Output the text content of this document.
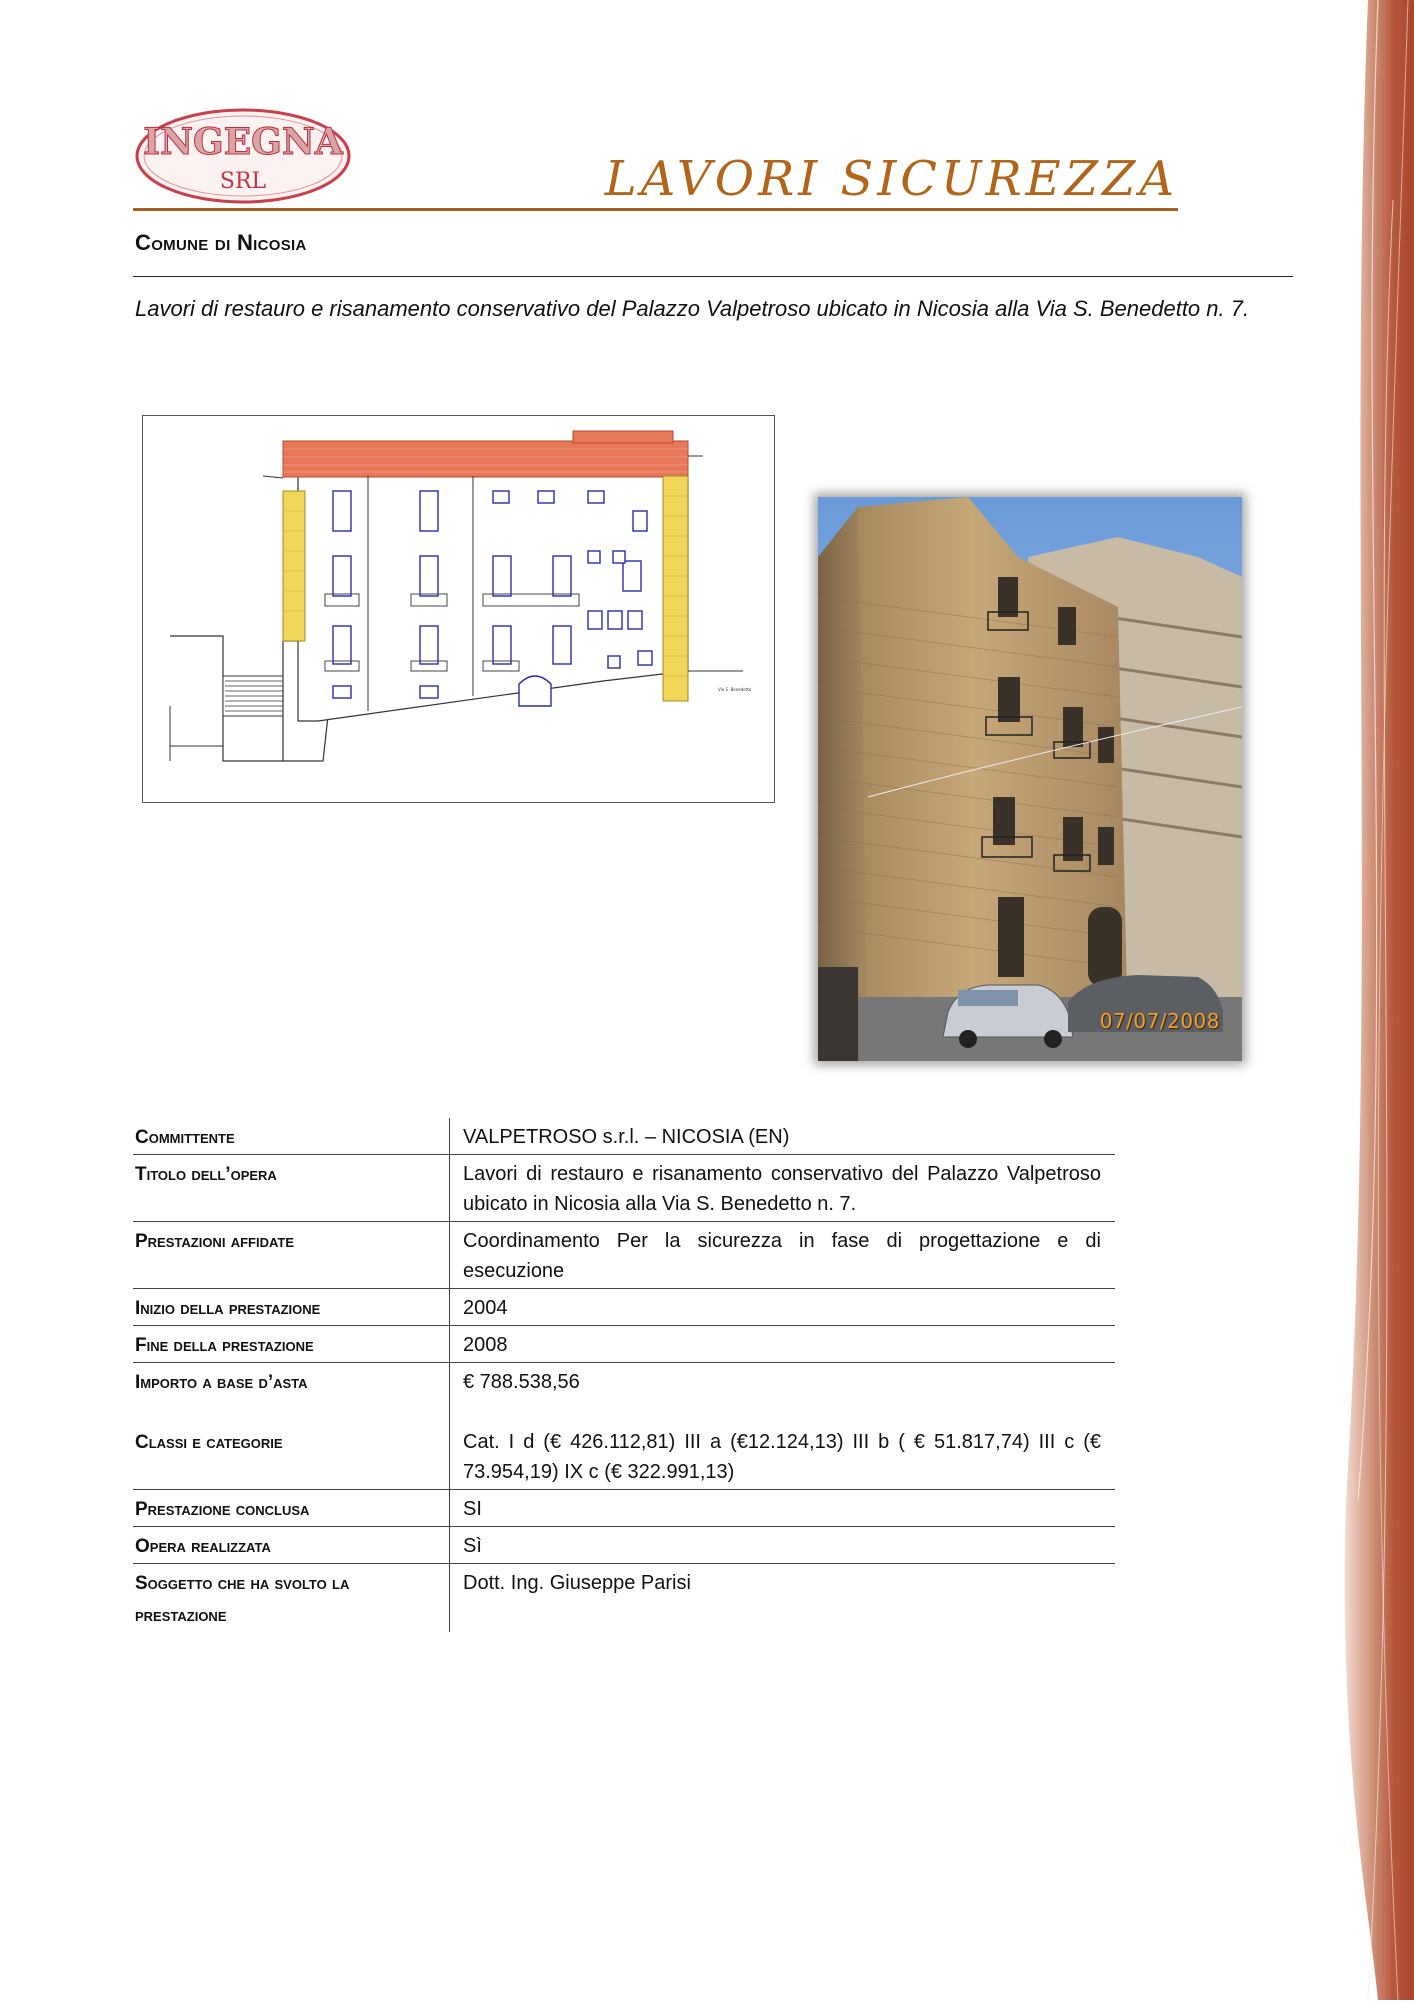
INGEGNA
SRL	LAVORI SICUREZZA
Comune di Nicosia
Lavori di restauro e risanamento conservativo del Palazzo Valpetroso ubicato in Nicosia alla Via S. Benedetto n. 7.
Via S. Benedetto
07/07/2008
Committente	VALPETROSO s.r.l. – NICOSIA (EN)
Titolo dell’opera	Lavori di restauro e risanamento conservativo del Palazzo Valpetroso ubicato in Nicosia alla Via S. Benedetto n. 7.
Prestazioni affidate	Coordinamento Per la sicurezza in fase di progettazione e di esecuzione
Inizio della prestazione	2004
Fine della prestazione	2008
Importo a base d’asta	€ 788.538,56
Classi e categorie	Cat. I d (€ 426.112,81) III a (€12.124,13) III b ( € 51.817,74) III c (€ 73.954,19) IX c (€ 322.991,13)
Prestazione conclusa	SI
Opera realizzata	Sì
Soggetto che ha svolto la prestazione	Dott. Ing. Giuseppe Parisi
